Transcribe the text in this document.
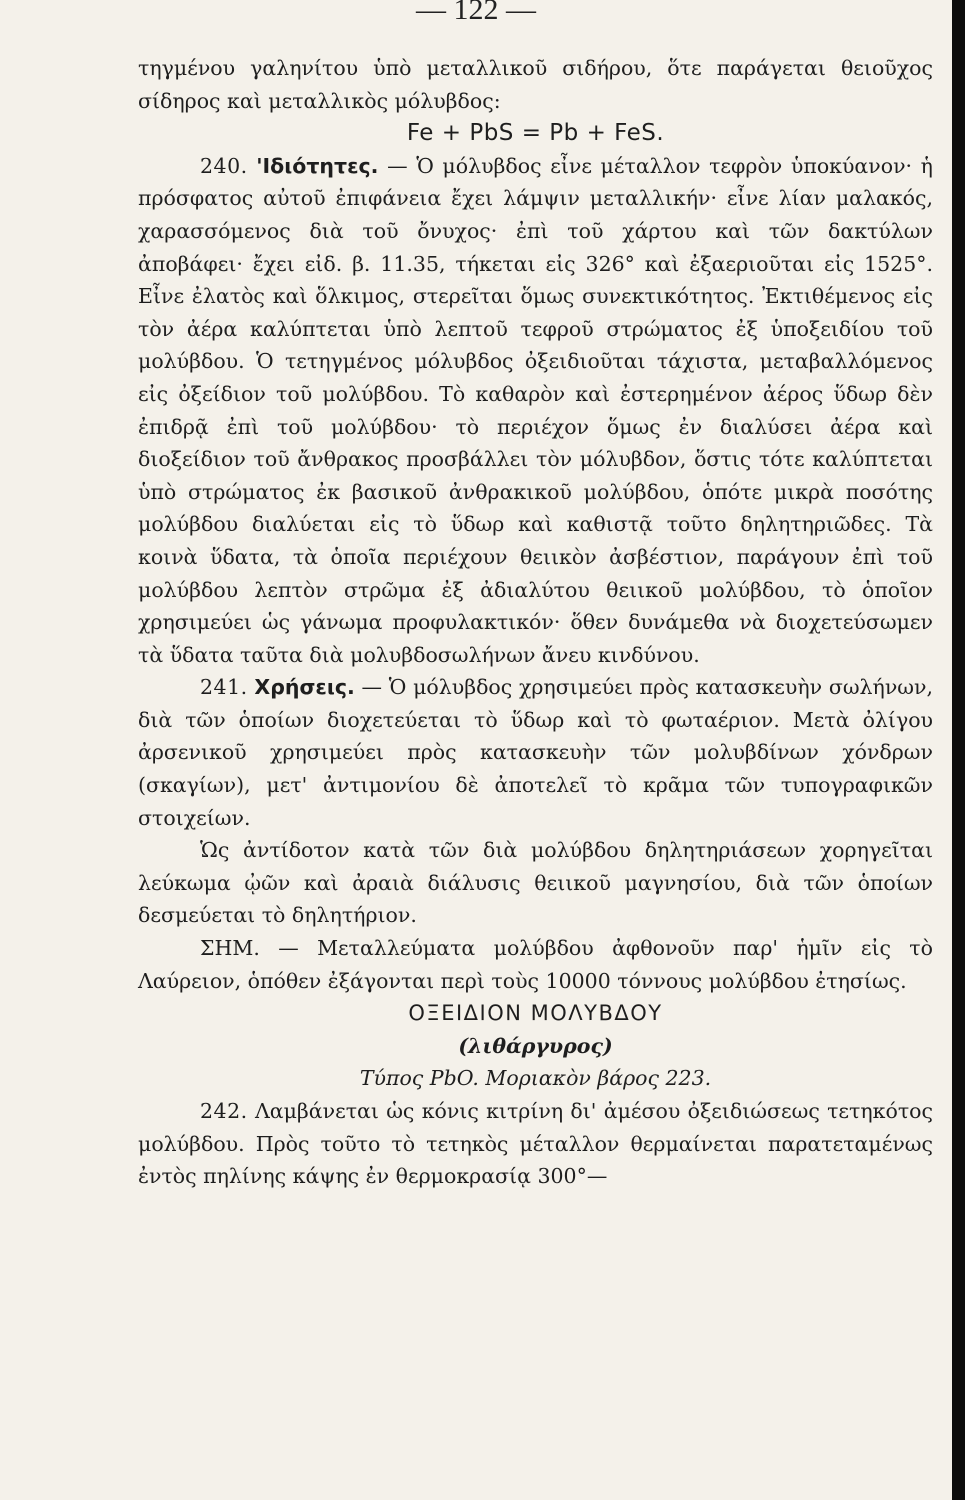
— 122 —

τηγμένου γαληνίτου ὑπὸ μεταλλικοῦ σιδήρου, ὅτε παράγεται θειοῦχος σίδηρος καὶ μεταλλικὸς μόλυβδος:

Fe + PbS = Pb + FeS.

240. 'Ιδιότητες. — Ὁ μόλυβδος εἶνε μέταλλον τεφρὸν ὑποκύανον· ἡ πρόσφατος αὐτοῦ ἐπιφάνεια ἔχει λάμψιν μεταλλικήν· εἶνε λίαν μαλακός, χαρασσόμενος διὰ τοῦ ὄνυχος· ἐπὶ τοῦ χάρτου καὶ τῶν δακτύλων ἀποβάφει· ἔχει εἰδ. β. 11.35, τήκεται εἰς 326° καὶ ἐξαεριοῦται εἰς 1525°. Εἶνε ἐλατὸς καὶ ὅλκιμος, στερεῖται ὅμως συνεκτικότητος. Ἐκτιθέμενος εἰς τὸν ἀέρα καλύπτεται ὑπὸ λεπτοῦ τεφροῦ στρώματος ἐξ ὑποξειδίου τοῦ μολύβδου. Ὁ τετηγμένος μόλυβδος ὀξειδιοῦται τάχιστα, μεταβαλλόμενος εἰς ὀξείδιον τοῦ μολύβδου. Τὸ καθαρὸν καὶ ἐστερημένον ἀέρος ὕδωρ δὲν ἐπιδρᾷ ἐπὶ τοῦ μολύβδου· τὸ περιέχον ὅμως ἐν διαλύσει ἀέρα καὶ διοξείδιον τοῦ ἄνθρακος προσβάλλει τὸν μόλυβδον, ὅστις τότε καλύπτεται ὑπὸ στρώματος ἐκ βασικοῦ ἀνθρακικοῦ μολύβδου, ὁπότε μικρὰ ποσότης μολύβδου διαλύεται εἰς τὸ ὕδωρ καὶ καθιστᾷ τοῦτο δηλητηριῶδες. Τὰ κοινὰ ὕδατα, τὰ ὁποῖα περιέχουν θειικὸν ἀσβέστιον, παράγουν ἐπὶ τοῦ μολύβδου λεπτὸν στρῶμα ἐξ ἀδιαλύτου θειικοῦ μολύβδου, τὸ ὁποῖον χρησιμεύει ὡς γάνωμα προφυλακτικόν· ὅθεν δυνάμεθα νὰ διοχετεύσωμεν τὰ ὕδατα ταῦτα διὰ μολυβδοσωλήνων ἄνευ κινδύνου.

241. Χρήσεις. — Ὁ μόλυβδος χρησιμεύει πρὸς κατασκευὴν σωλήνων, διὰ τῶν ὁποίων διοχετεύεται τὸ ὕδωρ καὶ τὸ φωταέριον. Μετὰ ὀλίγου ἀρσενικοῦ χρησιμεύει πρὸς κατασκευὴν τῶν μολυβδίνων χόνδρων (σκαγίων), μετ' ἀντιμονίου δὲ ἀποτελεῖ τὸ κρᾶμα τῶν τυπογραφικῶν στοιχείων.

Ὡς ἀντίδοτον κατὰ τῶν διὰ μολύβδου δηλητηριάσεων χορηγεῖται λεύκωμα ᾠῶν καὶ ἀραιὰ διάλυσις θειικοῦ μαγνησίου, διὰ τῶν ὁποίων δεσμεύεται τὸ δηλητήριον.

ΣΗΜ. — Μεταλλεύματα μολύβδου ἀφθονοῦν παρ' ἡμῖν εἰς τὸ Λαύρειον, ὁπόθεν ἐξάγονται περὶ τοὺς 10000 τόννους μολύβδου ἐτησίως.

ΟΞΕΙΔΙΟΝ ΜΟΛΥΒΔΟΥ

(λιθάργυρος)

Τύπος PbO. Μοριακὸν βάρος 223.

242. Λαμβάνεται ὡς κόνις κιτρίνη δι' ἀμέσου ὀξειδιώσεως τετηκότος μολύβδου. Πρὸς τοῦτο τὸ τετηκὸς μέταλλον θερμαίνεται παρατεταμένως ἐντὸς πηλίνης κάψης ἐν θερμοκρασίᾳ 300°—
